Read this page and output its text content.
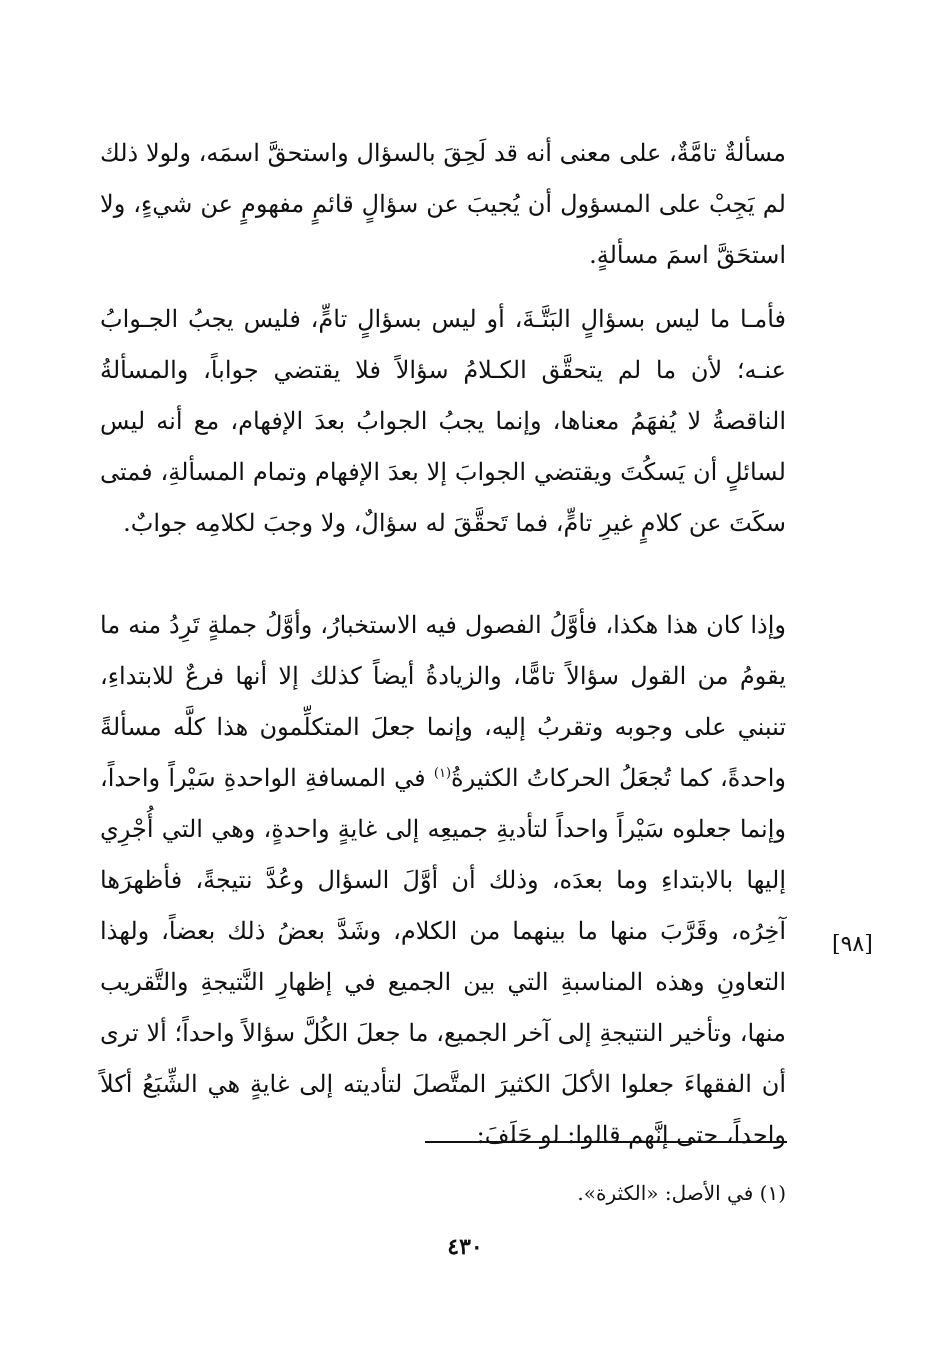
مسألةٌ تامَّةٌ، على معنى أنه قد لَحِقَ بالسؤال واستحقَّ اسمَه، ولولا ذلك لم يَجِبْ على المسؤول أن يُجيبَ عن سؤالٍ قائمٍ مفهومٍ عن شيءٍ، ولا استحَقَّ اسمَ مسألةٍ.

فأمـا ما ليس بسؤالٍ البَتَّـةَ، أو ليس بسؤالٍ تامٍّ، فليس يجبُ الجـوابُ عنـه؛ لأن ما لم يتحقَّق الكـلامُ سؤالاً فلا يقتضي جواباً، والمسألةُ الناقصةُ لا يُفهَمُ معناها، وإنما يجبُ الجوابُ بعدَ الإفهام، مع أنه ليس لسائلٍ أن يَسكُتَ ويقتضي الجوابَ إلا بعدَ الإفهام وتمام المسألةِ، فمتى سكَتَ عن كلامٍ غيرِ تامٍّ، فما تَحقَّقَ له سؤالٌ، ولا وجبَ لكلامِه جوابٌ.

وإذا كان هذا هكذا، فأوَّلُ الفصول فيه الاستخبارُ، وأوَّلُ جملةٍ تَرِدُ منه ما يقومُ من القول سؤالاً تامًّا، والزيادةُ أيضاً كذلك إلا أنها فرعٌ للابتداءِ، تنبني على وجوبه وتقربُ إليه، وإنما جعلَ المتكلِّمون هذا كلَّه مسألةً واحدةً، كما تُجعَلُ الحركاتُ الكثيرةُ$^{(١)}$ في المسافةِ الواحدةِ سَيْراً واحداً، وإنما جعلوه سَيْراً واحداً لتأديةِ جميعِه إلى غايةٍ واحدةٍ، وهي التي أُجْرِي إليها بالابتداءِ وما بعدَه، وذلك أن أوَّلَ السؤال وعُدَّ نتيجةً، فأظهرَها آخِرُه، وقَرَّبَ منها ما بينهما من الكلام، وشَدَّ بعضُ ذلك بعضاً، ولهذا التعاونِ وهذه المناسبةِ التي بين الجميع في إظهارِ النَّتيجةِ والتَّقريب منها، وتأخير النتيجةِ إلى آخر الجميع، ما جعلَ الكُلَّ سؤالاً واحداً؛ ألا ترى أن الفقهاءَ جعلوا الأكلَ الكثيرَ المتَّصلَ لتأديته إلى غايةٍ هي الشِّبَعُ أكلاً واحداً، حتى إنَّهم قالوا: لو حَلَفَ:

[٩٨]
(١) في الأصل: «الكثرة».
٤٣٠
